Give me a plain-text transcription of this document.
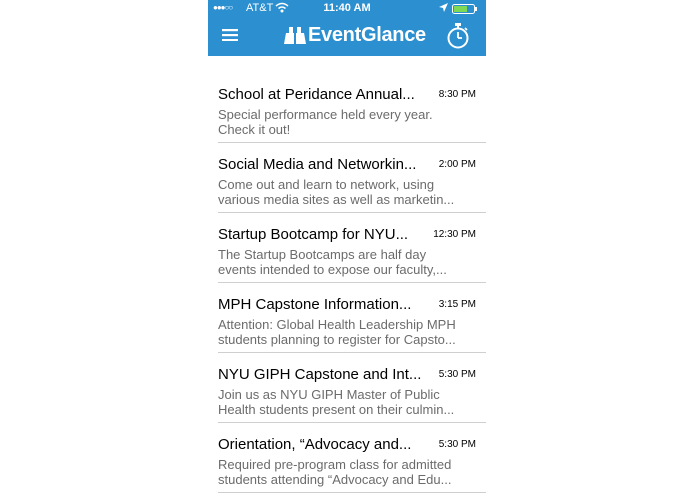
●●●○○ AT&T	11:40 AM
EventGlance
School at Peridance Annual...	8:30 PM
Special performance held every year. Check it out!
Social Media and Networkin...	2:00 PM
Come out and learn to network, using various media sites as well as marketin...
Startup Bootcamp for NYU...	12:30 PM
The Startup Bootcamps are half day events intended to expose our faculty,...
MPH Capstone Information...	3:15 PM
Attention: Global Health Leadership MPH students planning to register for Capsto...
NYU GIPH Capstone and Int... 5:30 PM
Join us as NYU GIPH Master of Public Health students present on their culmin...
Orientation, “Advocacy and...	5:30 PM
Required pre-program class for admitted students attending “Advocacy and Edu...
